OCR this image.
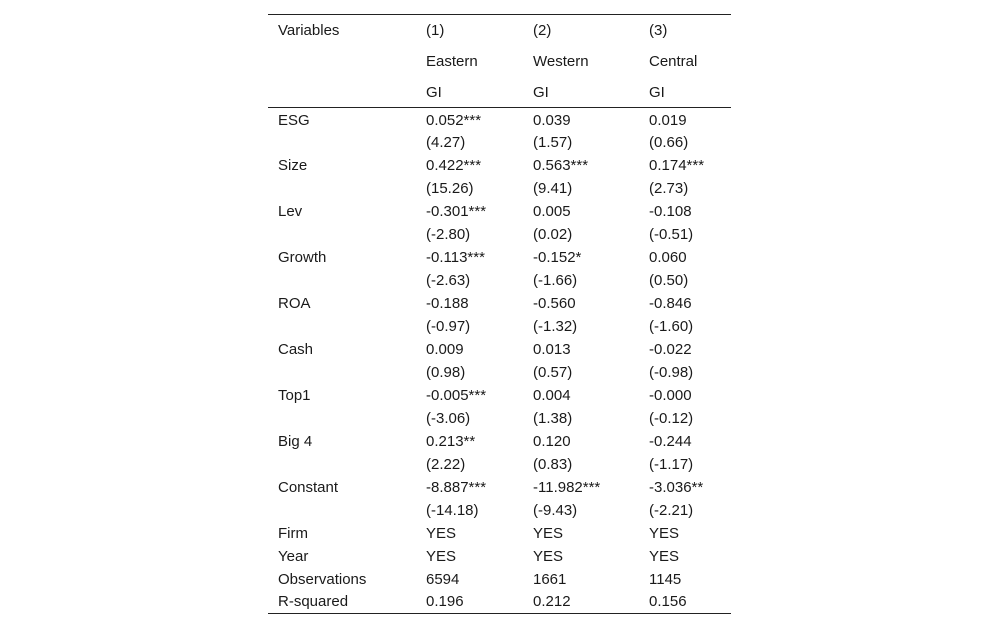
Variables	(1)	(2)	(3)
	Eastern	Western	Central
	GI	GI	GI
ESG	0.052***	0.039	0.019
	(4.27)	(1.57)	(0.66)
Size	0.422***	0.563***	0.174***
	(15.26)	(9.41)	(2.73)
Lev	-0.301***	0.005	-0.108
	(-2.80)	(0.02)	(-0.51)
Growth	-0.113***	-0.152*	0.060
	(-2.63)	(-1.66)	(0.50)
ROA	-0.188	-0.560	-0.846
	(-0.97)	(-1.32)	(-1.60)
Cash	0.009	0.013	-0.022
	(0.98)	(0.57)	(-0.98)
Top1	-0.005***	0.004	-0.000
	(-3.06)	(1.38)	(-0.12)
Big 4	0.213**	0.120	-0.244
	(2.22)	(0.83)	(-1.17)
Constant	-8.887***	-11.982***	-3.036**
	(-14.18)	(-9.43)	(-2.21)
Firm	YES	YES	YES
Year	YES	YES	YES
Observations	6594	1661	1145
R-squared	0.196	0.212	0.156
